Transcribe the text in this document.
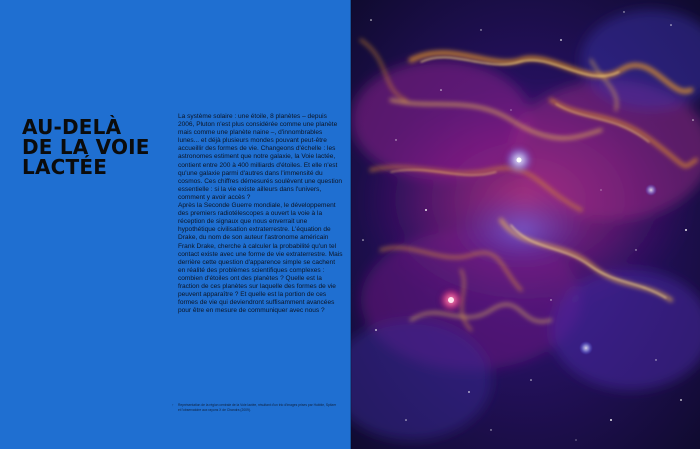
AU-DELÀ
DE LA VOIE
LACTÉE

La système solaire : une étoile, 8 planètes – depuis 2006, Pluton n'est plus considérée comme une planète mais comme une planète naine –, d'innombrables lunes... et déjà plusieurs mondes pouvant peut-être accueillir des formes de vie. Changeons d'échelle : les astronomes estiment que notre galaxie, la Voie lactée, contient entre 200 à 400 milliards d'étoiles. Et elle n'est qu'une galaxie parmi d'autres dans l'immensité du cosmos. Ces chiffres démesurés soulèvent une question essentielle : si la vie existe ailleurs dans l'univers, comment y avoir accès ?

Après la Seconde Guerre mondiale, le développement des premiers radiotélescopes a ouvert la voie à la réception de signaux que nous enverrait une hypothétique civilisation extraterrestre. L'équation de Drake, du nom de son auteur l'astronome américain Frank Drake, cherche à calculer la probabilité qu'un tel contact existe avec une forme de vie extraterrestre. Mais derrière cette question d'apparence simple se cachent en réalité des problèmes scientifiques complexes : combien d'étoiles ont des planètes ? Quelle est la fraction de ces planètes sur laquelle des formes de vie peuvent apparaître ? Et quelle est la portion de ces formes de vie qui deviendront suffisamment avancées pour être en mesure de communiquer avec nous ?

↑ Représentation de la région centrale de la Voie lactée, résultant d'un trio d'images prises par Hubble, Spitzer et l'observatoire aux rayons X de Chandra (2009).
